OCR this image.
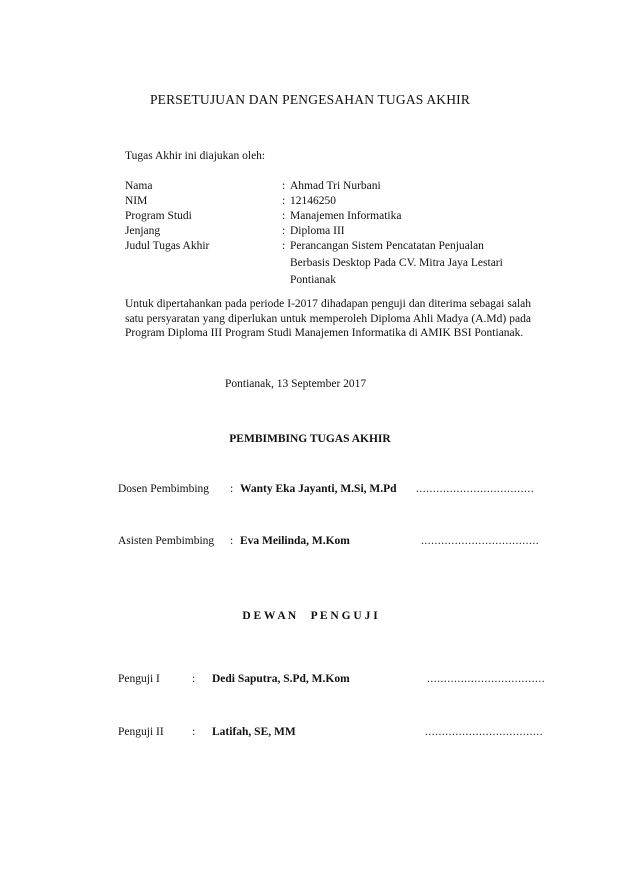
PERSETUJUAN DAN PENGESAHAN TUGAS AKHIR
Tugas Akhir ini diajukan oleh:
Nama	: Ahmad Tri Nurbani
NIM	: 12146250
Program Studi	: Manajemen Informatika
Jenjang	: Diploma III
Judul Tugas Akhir	: Perancangan Sistem Pencatatan Penjualan
Berbasis Desktop Pada CV. Mitra Jaya Lestari
Pontianak
Untuk dipertahankan pada periode I-2017 dihadapan penguji dan diterima sebagai salah satu persyaratan yang diperlukan untuk memperoleh Diploma Ahli Madya (A.Md) pada Program Diploma III Program Studi Manajemen Informatika di AMIK BSI Pontianak.
Pontianak, 13 September 2017
PEMBIMBING TUGAS AKHIR
Dosen Pembimbing : Wanty Eka Jayanti, M.Si, M.Pd ...................................
Asisten Pembimbing : Eva Meilinda, M.Kom	...................................
D E W A N     P E N G U J I
Penguji I	: Dedi Saputra, S.Pd, M.Kom	...................................
Penguji II : Latifah, SE, MM	...................................
